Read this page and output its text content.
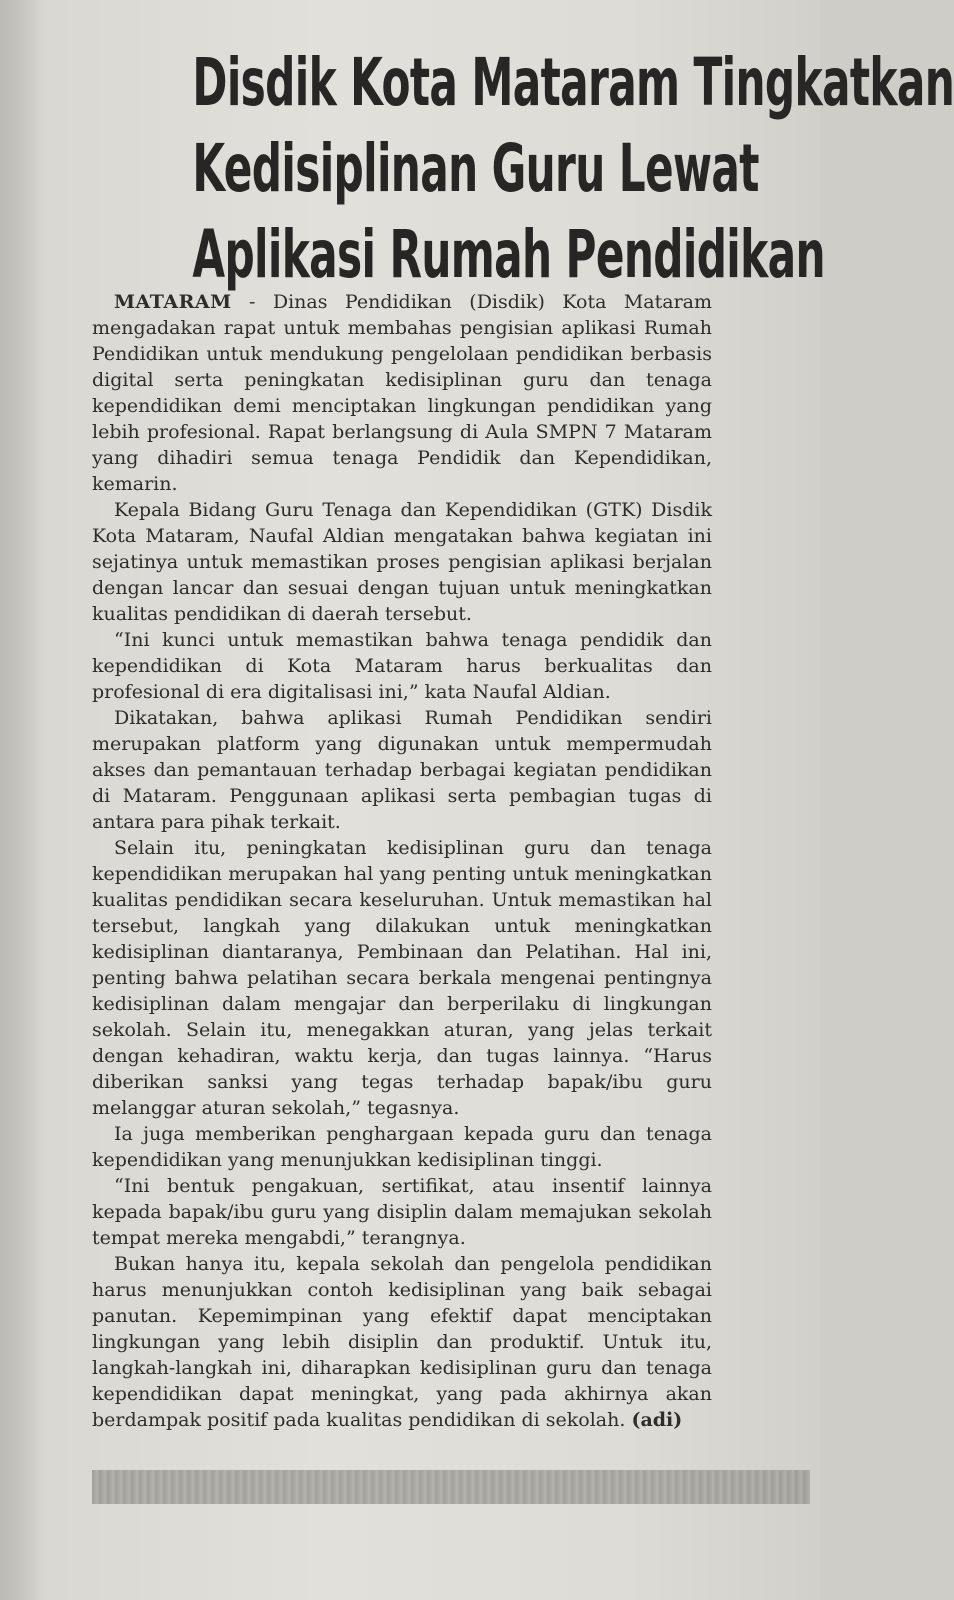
Disdik Kota Mataram Tingkatkan
Kedisiplinan Guru Lewat
Aplikasi Rumah Pendidikan

MATARAM - Dinas Pendidikan (Disdik) Kota Mataram mengadakan rapat untuk membahas pengisian aplikasi Rumah Pendidikan untuk mendukung pengelolaan pendidikan berbasis digital serta peningkatan kedisiplinan guru dan tenaga kependidikan demi menciptakan lingkungan pendidikan yang lebih profesional. Rapat berlangsung di Aula SMPN 7 Mataram yang dihadiri semua tenaga Pendidik dan Kependidikan, kemarin.

Kepala Bidang Guru Tenaga dan Kependidikan (GTK) Disdik Kota Mataram, Naufal Aldian mengatakan bahwa kegiatan ini sejatinya untuk memastikan proses pengisian aplikasi berjalan dengan lancar dan sesuai dengan tujuan untuk meningkatkan kualitas pendidikan di daerah tersebut.

“Ini kunci untuk memastikan bahwa tenaga pendidik dan kependidikan di Kota Mataram harus berkualitas dan profesional di era digitalisasi ini,” kata Naufal Aldian.

Dikatakan, bahwa aplikasi Rumah Pendidikan sendiri merupakan platform yang digunakan untuk mempermudah akses dan pemantauan terhadap berbagai kegiatan pendidikan di Mataram. Penggunaan aplikasi serta pembagian tugas di antara para pihak terkait.

Selain itu, peningkatan kedisiplinan guru dan tenaga kependidikan merupakan hal yang penting untuk meningkatkan kualitas pendidikan secara keseluruhan. Untuk memastikan hal tersebut, langkah yang dilakukan untuk meningkatkan kedisiplinan diantaranya, Pembinaan dan Pelatihan. Hal ini, penting bahwa pelatihan secara berkala mengenai pentingnya kedisiplinan dalam mengajar dan berperilaku di lingkungan sekolah. Selain itu, menegakkan aturan, yang jelas terkait dengan kehadiran, waktu kerja, dan tugas lainnya. “Harus diberikan sanksi yang tegas terhadap bapak/ibu guru melanggar aturan sekolah,” tegasnya.

Ia juga memberikan penghargaan kepada guru dan tenaga kependidikan yang menunjukkan kedisiplinan tinggi.

“Ini bentuk pengakuan, sertifikat, atau insentif lainnya kepada bapak/ibu guru yang disiplin dalam memajukan sekolah tempat mereka mengabdi,” terangnya.

Bukan hanya itu, kepala sekolah dan pengelola pendidikan harus menunjukkan contoh kedisiplinan yang baik sebagai panutan. Kepemimpinan yang efektif dapat menciptakan lingkungan yang lebih disiplin dan produktif. Untuk itu, langkah-langkah ini, diharapkan kedisiplinan guru dan tenaga kependidikan dapat meningkat, yang pada akhirnya akan berdampak positif pada kualitas pendidikan di sekolah. (adi)
